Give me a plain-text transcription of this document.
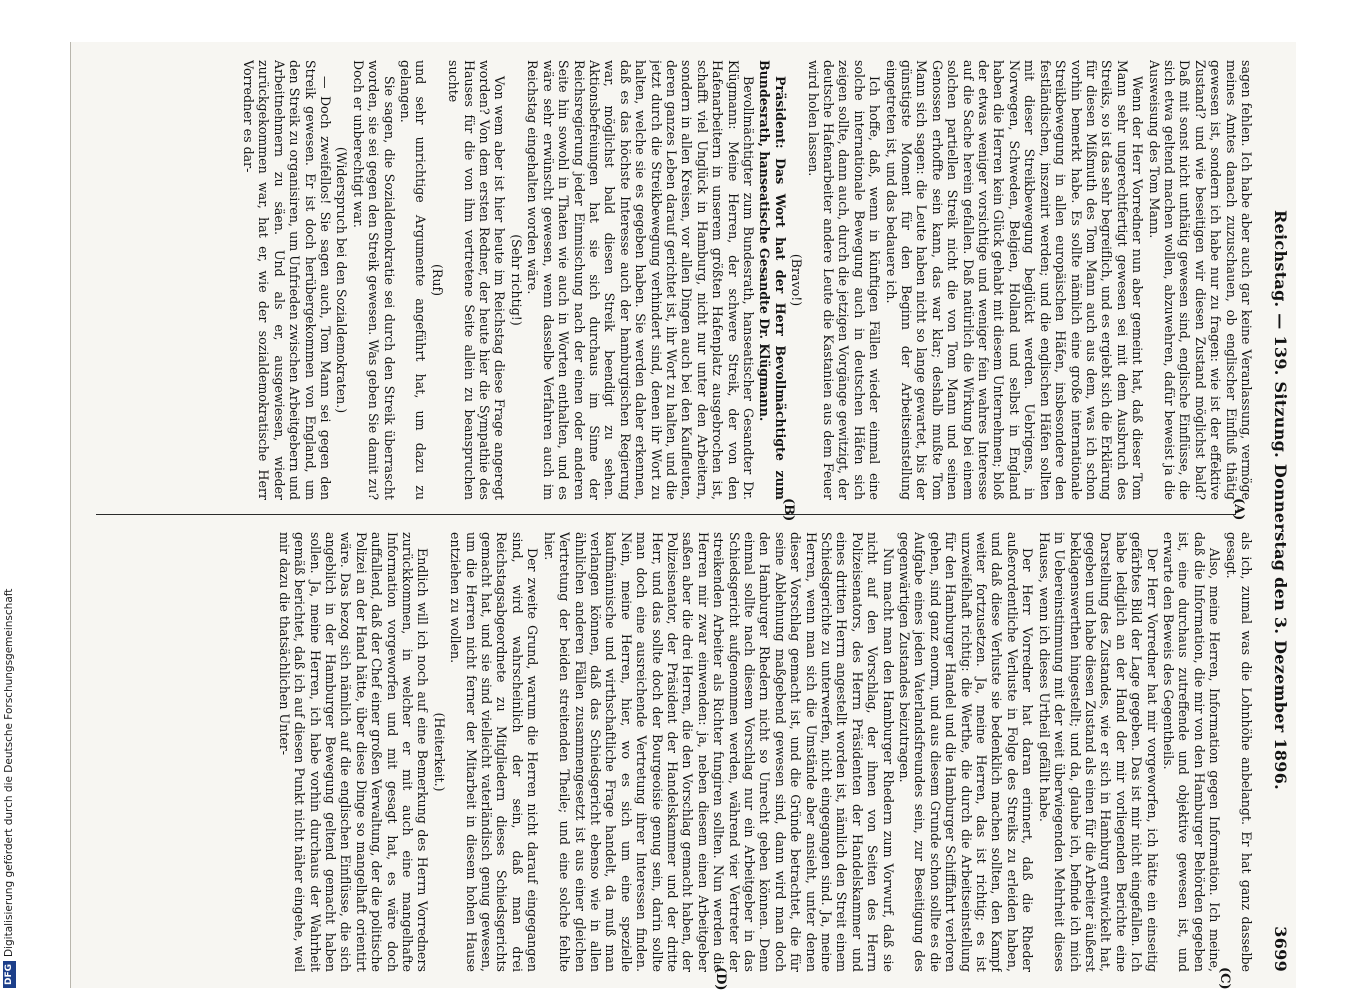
DFGDigitalisierung gefördert durch die Deutsche Forschungsgemeinschaft	Reichstag. — 139. Sitzung. Donnerstag den 3. Dezember 1896.
3699
(C)
(D)
(A)
(B)

sagen fehlen. Ich habe aber auch gar keine Veranlassung, vermöge meines Amtes danach zuzuschauen, ob englischer Einfluß thätig gewesen ist, sondern ich habe nur zu fragen: wie ist der effektive Zustand? und wie beseitigen wir diesen Zustand möglichst bald? Daß mit sonst nicht unthätig gewesen sind, englische Einflüsse, die sich etwa geltend machen wollen, abzuwehren, dafür beweist ja die Ausweisung des Tom Mann.

Wenn der Herr Vorredner nun aber gemeint hat, daß dieser Tom Mann sehr ungerechtfertigt gewesen sei mit dem Ausbruch des Streiks, so ist das sehr begreiflich, und es ergiebt sich die Erklärung für diesen Mißmuth des Tom Mann auch aus dem, was ich schon vorhin bemerkt habe. Es sollte nämlich eine große internationale Streikbewegung in allen europäischen Häfen, insbesondere den festländischen, inszenirt werden; und die englischen Häfen sollten mit dieser Streikbewegung beglückt werden. Uebrigens, in Norwegen, Schweden, Belgien, Holland und selbst in England haben die Herren kein Glück gehabt mit diesem Unternehmen; bloß der etwas weniger vorsichtige und weniger fein wahres Interesse auf die Sache herein gefallen. Daß natürlich die Wirkung bei einem solchen partiellen Streik nicht die von Tom Mann und seinen Genossen erhoffte sein kann, das war klar; deshalb mußte Tom Mann sich sagen: die Leute haben nicht so lange gewartet, bis der günstigste Moment für den Beginn der Arbeitseinstellung eingetreten ist, und das bedauere ich.

Ich hoffe, daß, wenn in künftigen Fällen wieder einmal eine solche internationale Bewegung auch in deutschen Häfen sich zeigen sollte, dann auch, durch die jetzigen Vorgänge gewitzigt, der deutsche Hafenarbeiter andere Leute die Kastanien aus dem Feuer wird holen lassen.

(Bravo!)

Präsident: Das Wort hat der Herr Bevollmächtigte zum Bundesrath, hanseatische Gesandte Dr. Klügmann.

Bevollmächtigter zum Bundesrath, hanseatischer Gesandter Dr. Klügmann: Meine Herren, der schwere Streik, der von den Hafenarbeitern in unserem größten Hafenplatz ausgebrochen ist, schafft viel Unglück in Hamburg, nicht nur unter den Arbeitern, sondern in allen Kreisen, vor allen Dingen auch bei den Kaufleuten, deren ganzes Leben darauf gerichtet ist, ihr Wort zu halten, und die jetzt durch die Streikbewegung verhindert sind, denen ihr Wort zu halten, welche sie es gegeben haben. Sie werden daher erkennen, daß es das höchste Interesse auch der hamburgischen Regierung war, möglichst bald diesen Streik beendigt zu sehen. Aktionsbefreiungen hat sie sich durchaus im Sinne der Reichsregierung jeder Einmischung nach der einen oder anderen Seite hin sowohl in Thaten wie auch in Worten enthalten, und es wäre sehr erwünscht gewesen, wenn dasselbe Verfahren auch im Reichstag eingehalten worden wäre.

(Sehr richtig!)

Von wem aber ist hier heute im Reichstag diese Frage angeregt worden? Von dem ersten Redner, der heute hier die Sympathie des Hauses für die von ihm vertretene Seite allein zu beanspruchen suchte

(Ruf)

und sehr unrichtige Argumente angeführt hat, um dazu zu gelangen.

Sie sagen, die Sozialdemokratie sei durch den Streik überrascht worden, sie sei gegen den Streik gewesen. Was geben Sie damit zu? Doch er unberechtigt war.

(Widerspruch bei den Sozialdemokraten.)

— Doch zweifellos! Sie sagen auch, Tom Mann sei gegen den Streik gewesen. Er ist doch herübergekommen von England, um den Streik zu organisiren, um Unfrieden zwischen Arbeitgebern und Arbeitnehmern zu säen. Und als er, ausgewiesen, wieder zurückgekommen war, hat er, wie der sozialdemokratische Herr Vorredner es dar-

als ich, zumal was die Lohnhöhe anbelangt. Er hat ganz dasselbe gesagt.

Also, meine Herren, Information gegen Information. Ich meine, daß die Information, die mir von den Hamburger Behörden gegeben ist, eine durchaus zutreffende und objektive gewesen ist, und erwarte den Beweis des Gegentheils.

Der Herr Vorredner hat mir vorgeworfen, ich hätte ein einseitig gefärbtes Bild der Lage gegeben. Das ist mir nicht eingefallen. Ich habe lediglich an der Hand der mir vorliegenden Berichte eine Darstellung des Zustandes, wie er sich in Hamburg entwickelt hat, gegeben und habe diesen Zustand als einen für die Arbeiter äußerst beklagenswerthen hingestellt; und da, glaube ich, befinde ich mich in Uebereinstimmung mit der weit überwiegenden Mehrheit dieses Hauses, wenn ich dieses Urtheil gefällt habe.

Der Herr Vorredner hat daran erinnert, daß die Rheder außerordentliche Verluste in Folge des Streiks zu erleiden haben, und daß diese Verluste sie bedenklich machen sollten, den Kampf weiter fortzusetzen. Ja, meine Herren, das ist richtig; es ist unzweifelhaft richtig: die Werthe, die durch die Arbeitseinstellung für den Hamburger Handel und die Hamburger Schifffahrt verloren gehen, sind ganz enorm, und aus diesem Grunde schon sollte es die Aufgabe eines jeden Vaterlandsfreundes sein, zur Beseitigung des gegenwärtigen Zustandes beizutragen.

Nun macht man den Hamburger Rhedern zum Vorwurf, daß sie nicht auf den Vorschlag, der ihnen von Seiten des Herrn Polizeisenators, des Herrn Präsidenten der Handelskammer und eines dritten Herrn angestellt worden ist, nämlich den Streit einem Schiedsgerichte zu unterwerfen, nicht eingegangen sind. Ja, meine Herren, wenn man sich die Umstände aber ansieht, unter denen dieser Vorschlag gemacht ist, und die Gründe betrachtet, die für seine Ablehnung maßgebend gewesen sind, dann wird man doch den Hamburger Rhedern nicht so Unrecht geben können. Denn einmal sollte nach diesem Vorschlag nur ein Arbeitgeber in das Schiedsgericht aufgenommen werden, während vier Vertreter der streikenden Arbeiter als Richter fungiren sollten. Nun werden die Herren mir zwar einwenden: ja, neben diesem einen Arbeitgeber saßen aber die drei Herren, die den Vorschlag gemacht haben, der Polizeisenator, der Präsident der Handelskammer und der dritte Herr, und das sollte doch der Bourgeoisie genug sein, darin sollte man doch eine ausreichende Vertretung ihrer Interessen finden. Nein, meine Herren, hier, wo es sich um eine spezielle kaufmännische und wirthschaftliche Frage handelt, da muß man verlangen können, daß das Schiedsgericht ebenso wie in allen ähnlichen anderen Fällen zusammengesetzt ist aus einer gleichen Vertretung der beiden streitenden Theile; und eine solche fehlte hier.

Der zweite Grund, warum die Herren nicht darauf eingegangen sind, wird wahrscheinlich der sein, daß man drei Reichstagsabgeordnete zu Mitgliedern dieses Schiedsgerichts gemacht hat, und sie sind vielleicht vaterländisch genug gewesen, um die Herren nicht ferner der Mitarbeit in diesem hohen Hause entziehen zu wollen.

(Heiterkeit.)

Endlich will ich noch auf eine Bemerkung des Herrn Vorredners zurückkommen, in welcher er mit auch eine mangelhafte Information vorgeworfen und mit gesagt hat, es wäre doch auffallend, daß der Chef einer großen Verwaltung, der die politische Polizei an der Hand hätte, über diese Dinge so mangelhaft orientirt wäre. Das bezog sich nämlich auf die englischen Einflüsse, die sich angeblich in der Hamburger Bewegung geltend gemacht haben sollen. Ja, meine Herren, ich habe vorhin durchaus der Wahrheit gemäß berichtet, daß ich auf diesen Punkt nicht näher eingehe, weil mir dazu die thatsächlichen Unter-
